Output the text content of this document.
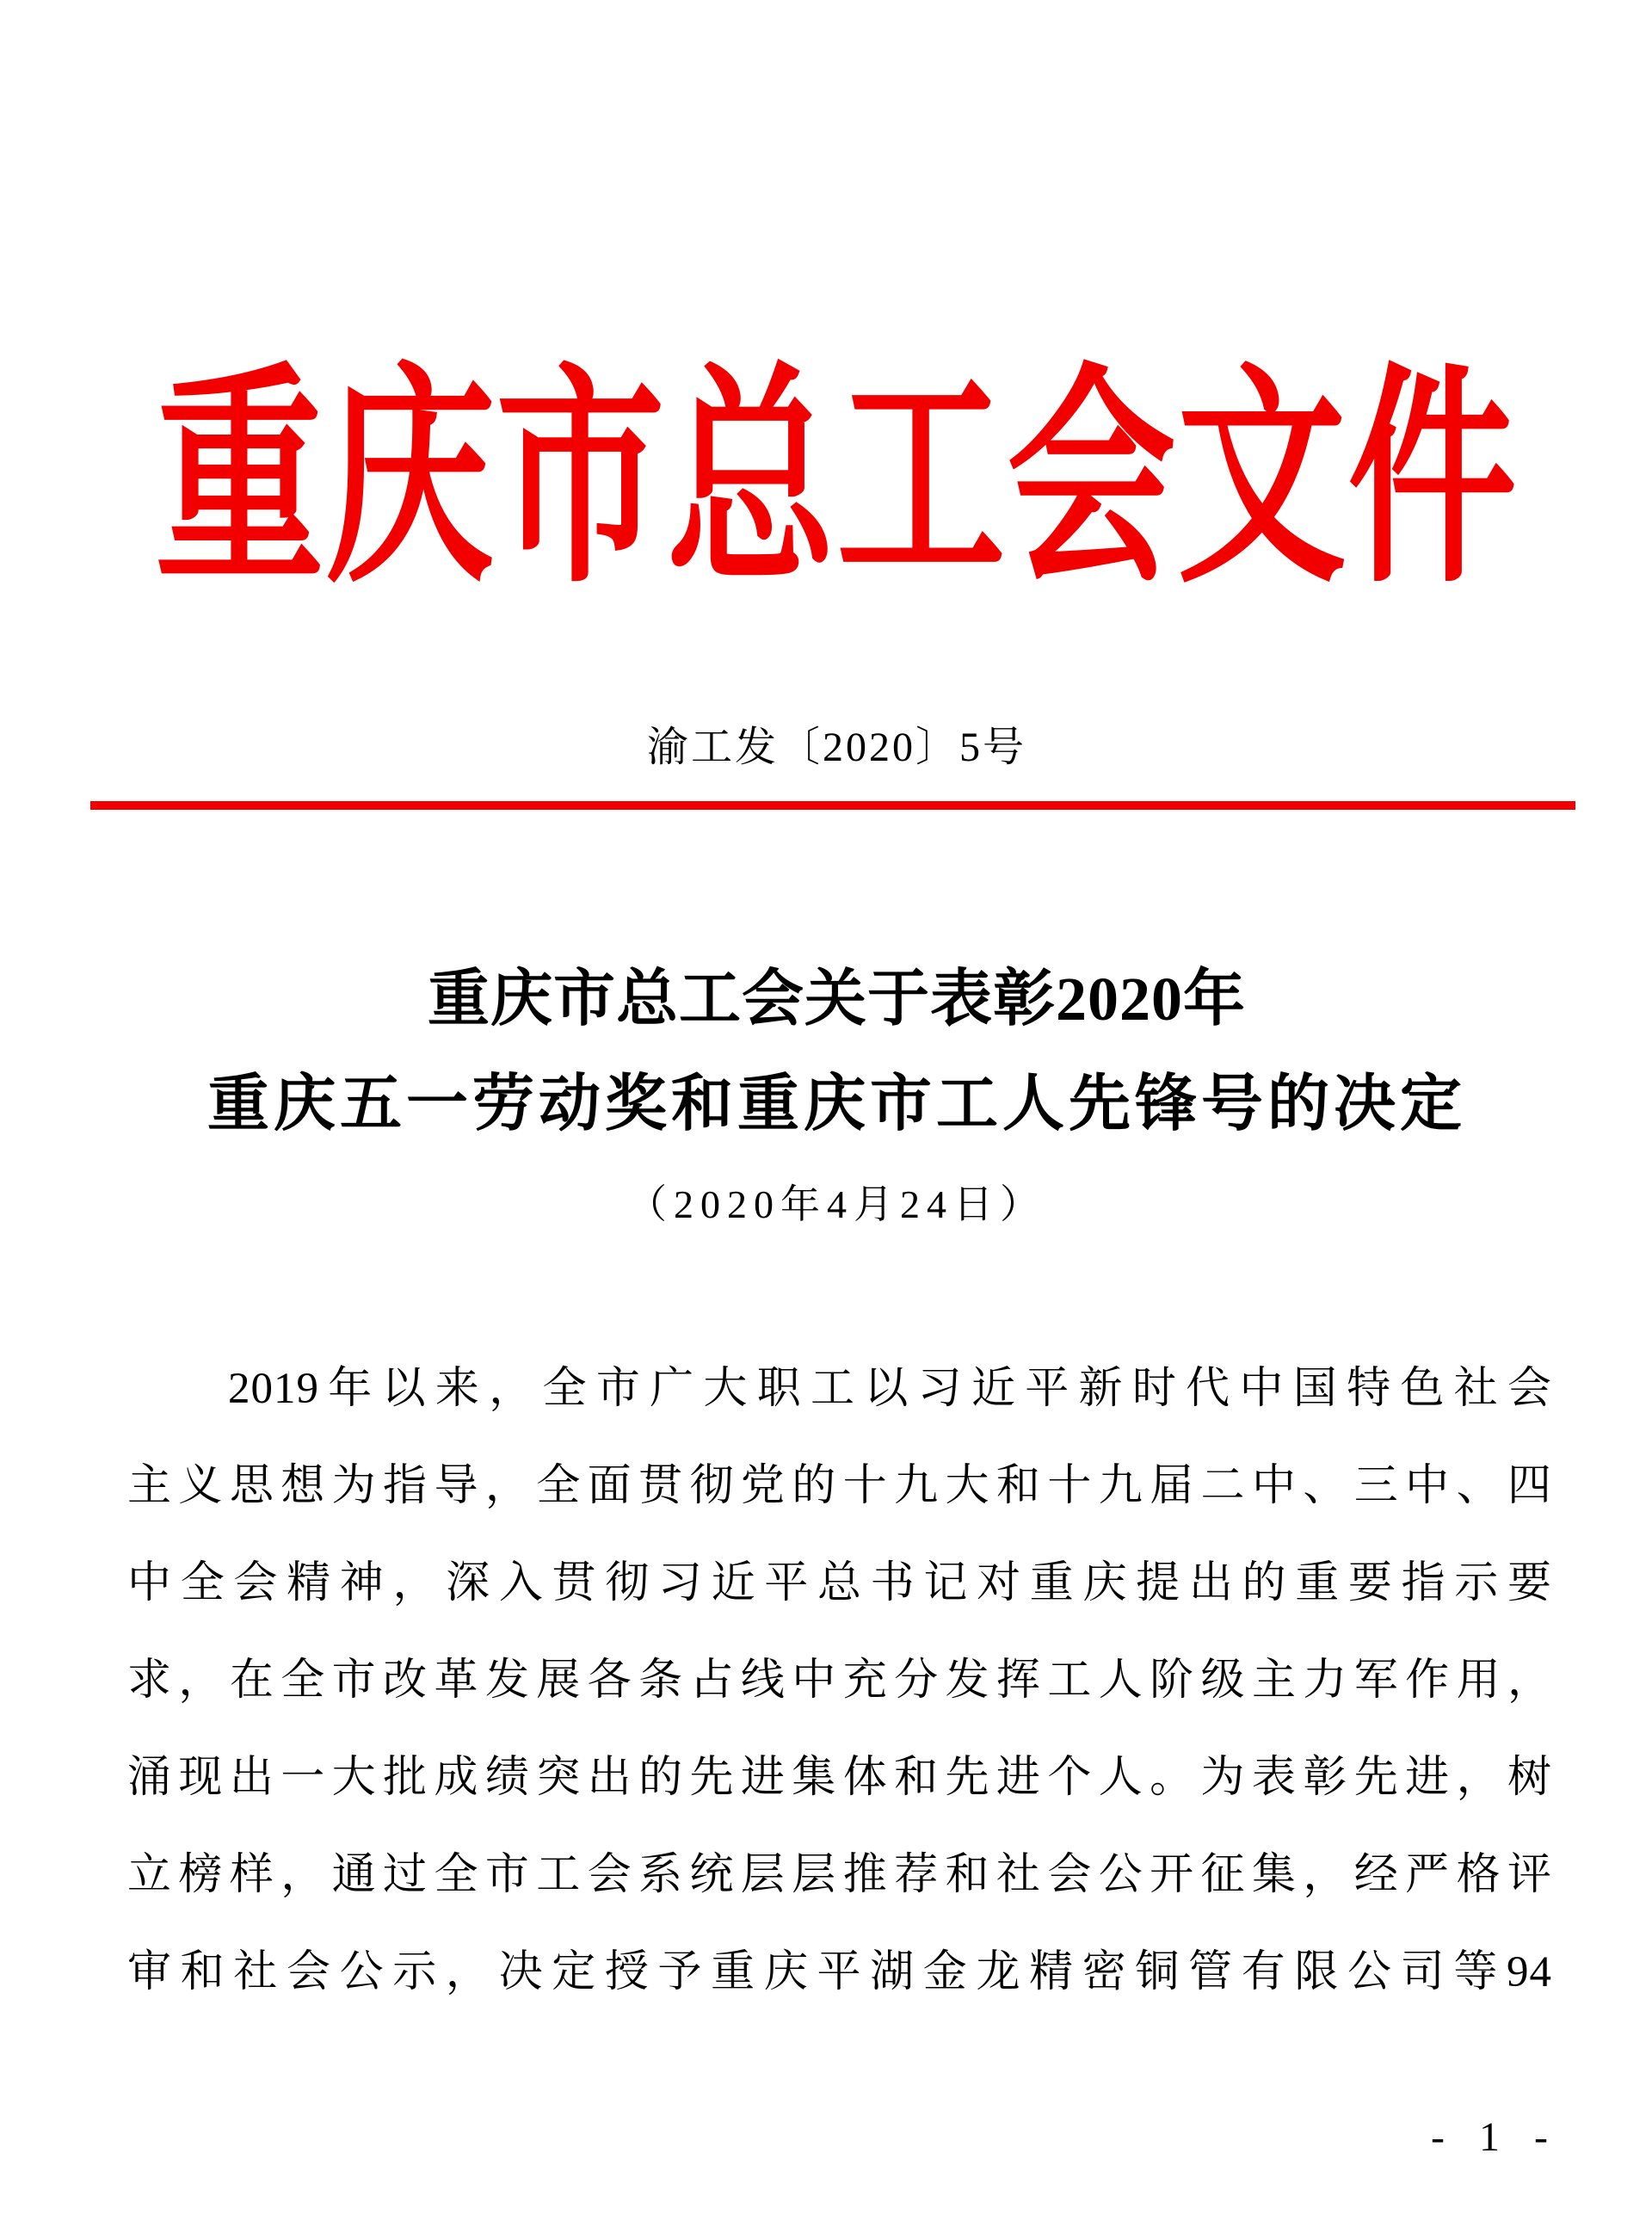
重庆市总工会文件
渝工发〔2020〕5号
重庆市总工会关于表彰2020年
重庆五一劳动奖和重庆市工人先锋号的决定
（2020年4月24日）
2019年以来，全市广大职工以习近平新时代中国特色社会
主义思想为指导，全面贯彻党的十九大和十九届二中、三中、四
中全会精神，深入贯彻习近平总书记对重庆提出的重要指示要
求，在全市改革发展各条占线中充分发挥工人阶级主力军作用，
涌现出一大批成绩突出的先进集体和先进个人。为表彰先进，树
立榜样，通过全市工会系统层层推荐和社会公开征集，经严格评
审和社会公示，决定授予重庆平湖金龙精密铜管有限公司等94
- 1 -
